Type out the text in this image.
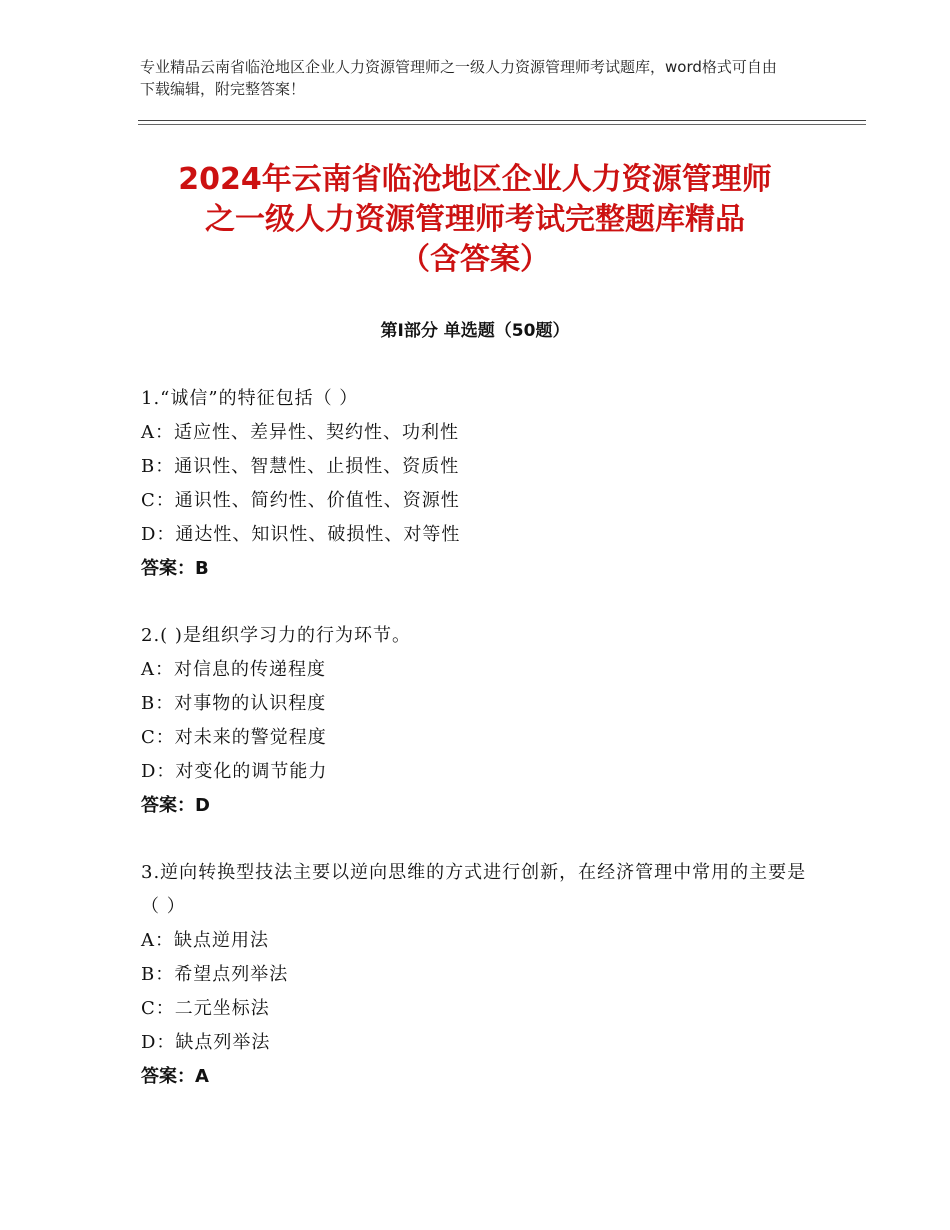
专业精品云南省临沧地区企业人力资源管理师之一级人力资源管理师考试题库，word格式可自由下载编辑，附完整答案！

2024年云南省临沧地区企业人力资源管理师
之一级人力资源管理师考试完整题库精品
（含答案）
第Ⅰ部分 单选题（50题）

1.“诚信”的特征包括（ ）

A：适应性、差异性、契约性、功利性

B：通识性、智慧性、止损性、资质性

C：通识性、简约性、价值性、资源性

D：通达性、知识性、破损性、对等性

答案：B

2.( )是组织学习力的行为环节。

A：对信息的传递程度

B：对事物的认识程度

C：对未来的警觉程度

D：对变化的调节能力

答案：D

3.逆向转换型技法主要以逆向思维的方式进行创新，在经济管理中常用的主要是（ ）

A：缺点逆用法

B：希望点列举法

C：二元坐标法

D：缺点列举法

答案：A
